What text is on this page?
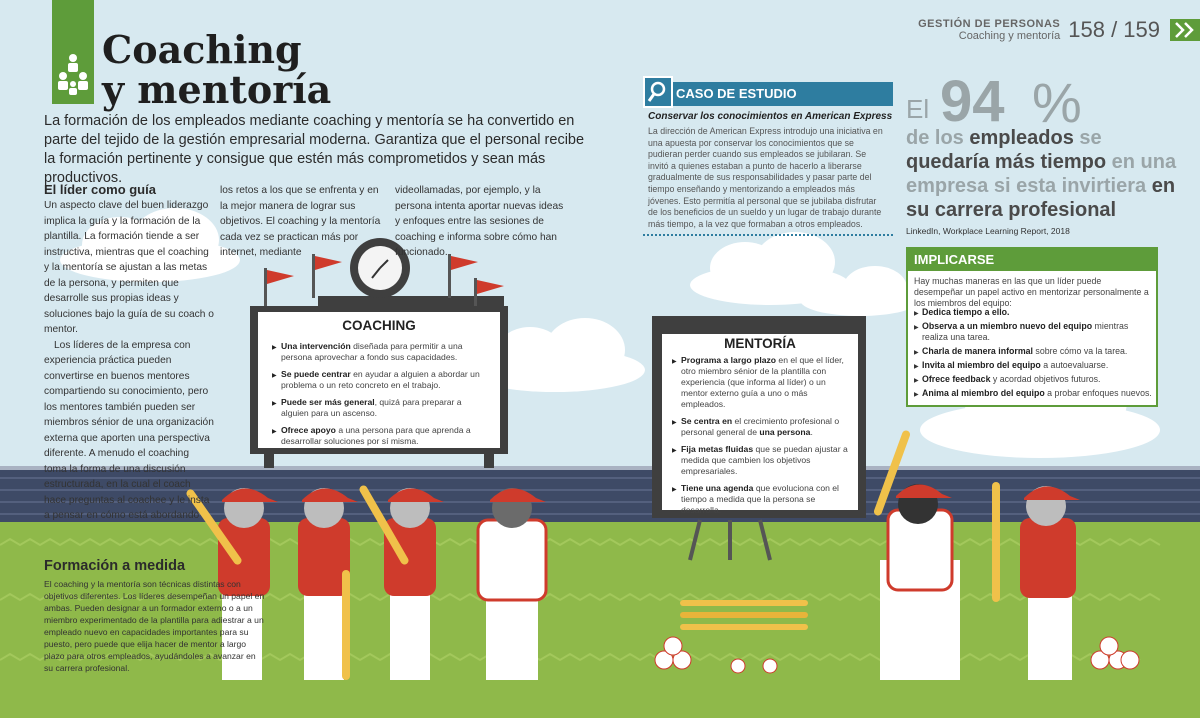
GESTIÓN DE PERSONAS
Coaching y mentoría 158 / 159
Coaching
y mentoría
La formación de los empleados mediante coaching y mentoría se ha convertido en parte del tejido de la gestión empresarial moderna. Garantiza que el personal recibe la formación pertinente y consigue que estén más comprometidos y sean más productivos.
El líder como guía
Un aspecto clave del buen liderazgo implica la guía y la formación de la plantilla. La formación tiende a ser instructiva, mientras que el coaching y la mentoría se ajustan a las metas de la persona, y permiten que desarrolle sus propias ideas y soluciones bajo la guía de su coach o mentor.
Los líderes de la empresa con experiencia práctica pueden convertirse en buenos mentores compartiendo su conocimiento, pero los mentores también pueden ser miembros sénior de una organización externa que aporten una perspectiva diferente. A menudo el coaching toma la forma de una discusión estructurada, en la cual el coach hace preguntas al coachee y le insta a pensar en cómo está abordando
los retos a los que se enfrenta y en la mejor manera de lograr sus objetivos. El coaching y la mentoría cada vez se practican más por internet, mediante
videollamadas, por ejemplo, y la persona intenta aportar nuevas ideas y enfoques entre las sesiones de coaching e informa sobre cómo han funcionado.
COACHING
▶ Una intervención diseñada para permitir a una persona aprovechar a fondo sus capacidades.
▶ Se puede centrar en ayudar a alguien a abordar un problema o un reto concreto en el trabajo.
▶ Puede ser más general, quizá para preparar a alguien para un ascenso.
▶ Ofrece apoyo a una persona para que aprenda a desarrollar soluciones por sí misma.
MENTORÍA
▶ Programa a largo plazo en el que el líder, otro miembro sénior de la plantilla con experiencia (que informa al líder) o un mentor externo guía a uno o más empleados.
▶ Se centra en el crecimiento profesional o personal general de una persona.
▶ Fija metas fluidas que se puedan ajustar a medida que cambien los objetivos empresariales.
▶ Tiene una agenda que evoluciona con el tiempo a medida que la persona se desarrolla.
CASO DE ESTUDIO
Conservar los conocimientos en American Express
La dirección de American Express introdujo una iniciativa en una apuesta por conservar los conocimientos que se pudieran perder cuando sus empleados se jubilaran. Se invitó a quienes estaban a punto de hacerlo a liberarse gradualmente de sus responsabilidades y pasar parte del tiempo enseñando y mentorizando a empleados más jóvenes. Esto permitía al personal que se jubilaba disfrutar de los beneficios de un sueldo y un lugar de trabajo durante más tiempo, a la vez que formaban a otros empleados.
El 94 %
de los empleados se quedaría más tiempo en una empresa si esta invirtiera en su carrera profesional
LinkedIn, Workplace Learning Report, 2018
IMPLICARSE
Hay muchas maneras en las que un líder puede desempeñar un papel activo en mentorizar personalmente a los miembros del equipo:
▶ Dedica tiempo a ello.
▶ Observa a un miembro nuevo del equipo mientras realiza una tarea.
▶ Charla de manera informal sobre cómo va la tarea.
▶ Invita al miembro del equipo a autoevaluarse.
▶ Ofrece feedback y acordad objetivos futuros.
▶ Anima al miembro del equipo a probar enfoques nuevos.
Formación a medida
El coaching y la mentoría son técnicas distintas con objetivos diferentes. Los líderes desempeñan un papel en ambas. Pueden designar a un formador externo o a un miembro experimentado de la plantilla para adiestrar a un empleado nuevo en capacidades importantes para su puesto, pero puede que elija hacer de mentor a largo plazo para otros empleados, ayudándoles a avanzar en su carrera profesional.
